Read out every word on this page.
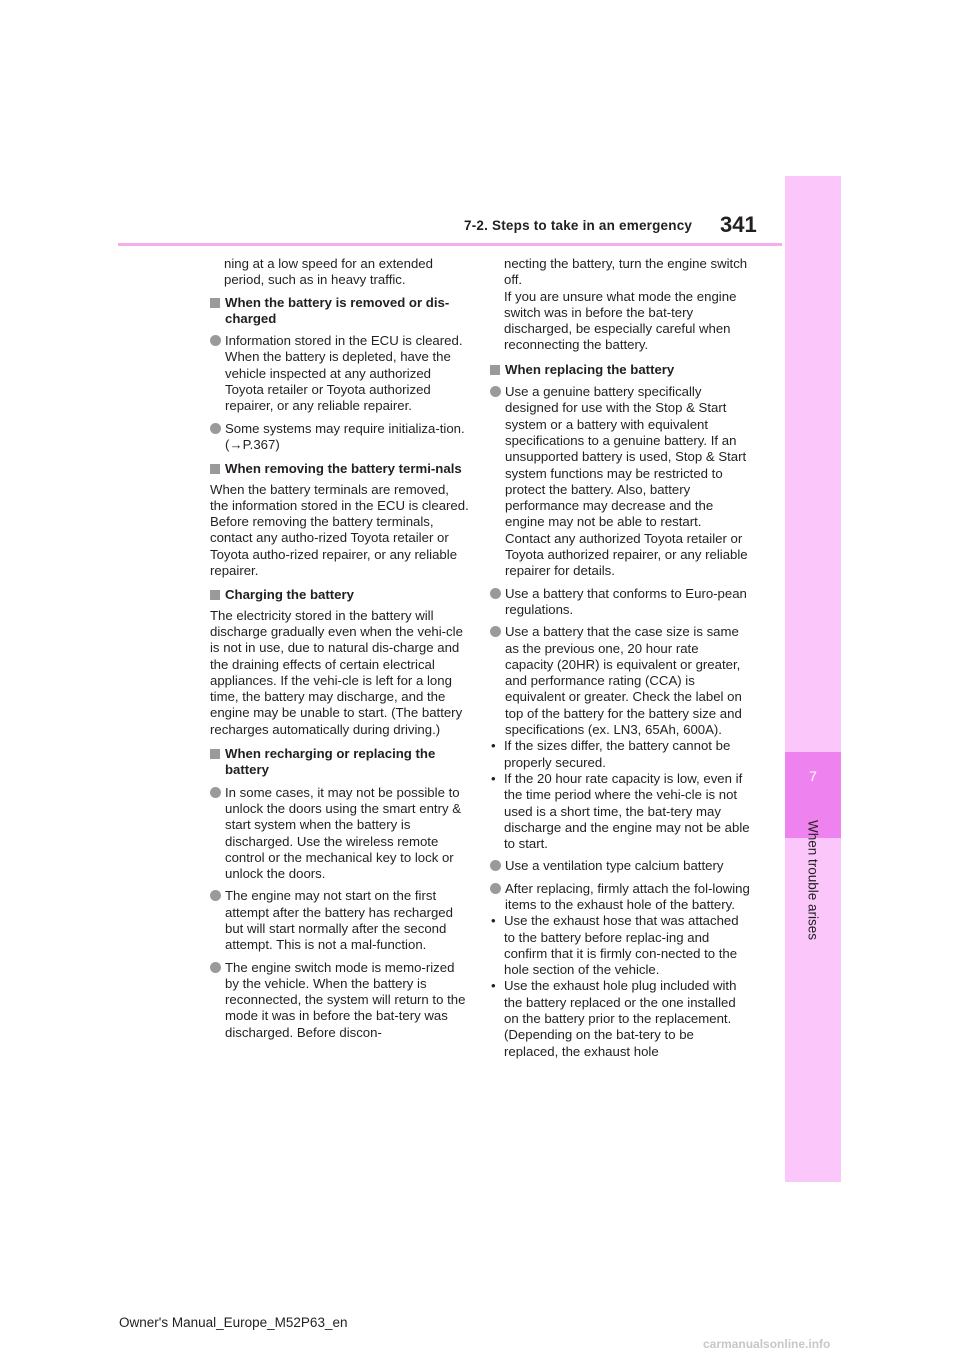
7-2. Steps to take in an emergency 341
7
When trouble arises

ning at a low speed for an extended period, such as in heavy traffic.

When the battery is removed or dis-charged
Information stored in the ECU is cleared. When the battery is depleted, have the vehicle inspected at any authorized Toyota retailer or Toyota authorized repairer, or any reliable repairer.
Some systems may require initializa-tion. (→P.367)
When removing the battery termi-nals

When the battery terminals are removed, the information stored in the ECU is cleared. Before removing the battery terminals, contact any autho-rized Toyota retailer or Toyota autho-rized repairer, or any reliable repairer.

Charging the battery

The electricity stored in the battery will discharge gradually even when the vehi-cle is not in use, due to natural dis-charge and the draining effects of certain electrical appliances. If the vehi-cle is left for a long time, the battery may discharge, and the engine may be unable to start. (The battery recharges automatically during driving.)

When recharging or replacing the battery
In some cases, it may not be possible to unlock the doors using the smart entry & start system when the battery is discharged. Use the wireless remote control or the mechanical key to lock or unlock the doors.
The engine may not start on the first attempt after the battery has recharged but will start normally after the second attempt. This is not a mal-function.
The engine switch mode is memo-rized by the vehicle. When the battery is reconnected, the system will return to the mode it was in before the bat-tery was discharged. Before discon-

necting the battery, turn the engine switch off.

If you are unsure what mode the engine switch was in before the bat-tery discharged, be especially careful when reconnecting the battery.

When replacing the battery
Use a genuine battery specifically designed for use with the Stop & Start system or a battery with equivalent specifications to a genuine battery. If an unsupported battery is used, Stop & Start system functions may be restricted to protect the battery. Also, battery performance may decrease and the engine may not be able to restart. Contact any authorized Toyota retailer or Toyota authorized repairer, or any reliable repairer for details.
Use a battery that conforms to Euro-pean regulations.
Use a battery that the case size is same as the previous one, 20 hour rate capacity (20HR) is equivalent or greater, and performance rating (CCA) is equivalent or greater. Check the label on top of the battery for the battery size and specifications (ex. LN3, 65Ah, 600A).
• If the sizes differ, the battery cannot be properly secured.
• If the 20 hour rate capacity is low, even if the time period where the vehi-cle is not used is a short time, the bat-tery may discharge and the engine may not be able to start.
Use a ventilation type calcium battery
After replacing, firmly attach the fol-lowing items to the exhaust hole of the battery.
• Use the exhaust hose that was attached to the battery before replac-ing and confirm that it is firmly con-nected to the hole section of the vehicle.
• Use the exhaust hole plug included with the battery replaced or the one installed on the battery prior to the replacement. (Depending on the bat-tery to be replaced, the exhaust hole
Owner's Manual_Europe_M52P63_en
carmanualsonline.info
